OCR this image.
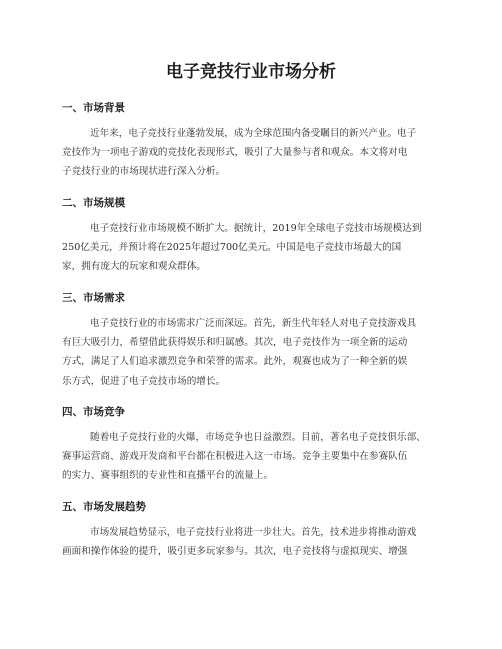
电子竞技行业市场分析
一、市场背景

近年来，电子竞技行业蓬勃发展，成为全球范围内备受瞩目的新兴产业。电子
竞技作为一项电子游戏的竞技化表现形式，吸引了大量参与者和观众。本文将对电
子竞技行业的市场现状进行深入分析。

二、市场规模

电子竞技行业市场规模不断扩大。据统计，2019年全球电子竞技市场规模达到
250亿美元，并预计将在2025年超过700亿美元。中国是电子竞技市场最大的国
家，拥有庞大的玩家和观众群体。

三、市场需求

电子竞技行业的市场需求广泛而深远。首先，新生代年轻人对电子竞技游戏具
有巨大吸引力，希望借此获得娱乐和归属感。其次，电子竞技作为一项全新的运动
方式，满足了人们追求激烈竞争和荣誉的需求。此外，观赛也成为了一种全新的娱
乐方式，促进了电子竞技市场的增长。

四、市场竞争

随着电子竞技行业的火爆，市场竞争也日益激烈。目前，著名电子竞技俱乐部、
赛事运营商、游戏开发商和平台都在积极进入这一市场。竞争主要集中在参赛队伍
的实力、赛事组织的专业性和直播平台的流量上。

五、市场发展趋势

市场发展趋势显示，电子竞技行业将进一步壮大。首先，技术进步将推动游戏
画面和操作体验的提升，吸引更多玩家参与。其次，电子竞技将与虚拟现实、增强
